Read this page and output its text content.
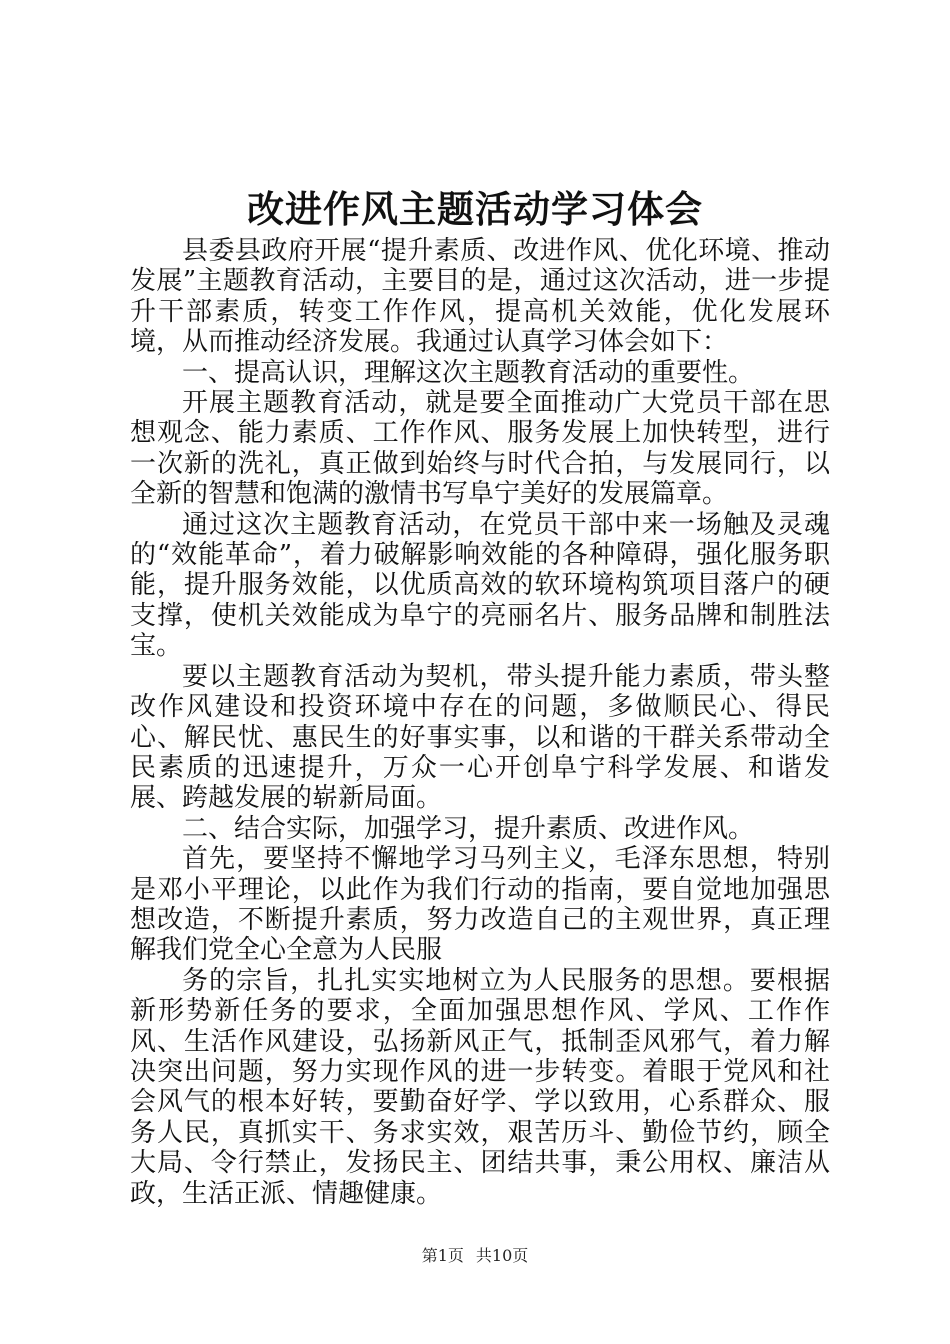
改进作风主题活动学习体会

县委县政府开展“提升素质、改进作风、优化环境、推动发展”主题教育活动，主要目的是，通过这次活动，进一步提升干部素质，转变工作作风，提高机关效能，优化发展环境，从而推动经济发展。我通过认真学习体会如下：

一、提高认识，理解这次主题教育活动的重要性。

开展主题教育活动，就是要全面推动广大党员干部在思想观念、能力素质、工作作风、服务发展上加快转型，进行一次新的洗礼，真正做到始终与时代合拍，与发展同行，以全新的智慧和饱满的激情书写阜宁美好的发展篇章。

通过这次主题教育活动，在党员干部中来一场触及灵魂的“效能革命”，着力破解影响效能的各种障碍，强化服务职能，提升服务效能，以优质高效的软环境构筑项目落户的硬支撑，使机关效能成为阜宁的亮丽名片、服务品牌和制胜法宝。

要以主题教育活动为契机，带头提升能力素质，带头整改作风建设和投资环境中存在的问题，多做顺民心、得民心、解民忧、惠民生的好事实事，以和谐的干群关系带动全民素质的迅速提升，万众一心开创阜宁科学发展、和谐发展、跨越发展的崭新局面。

二、结合实际，加强学习，提升素质、改进作风。

首先，要坚持不懈地学习马列主义，毛泽东思想，特别是邓小平理论，以此作为我们行动的指南，要自觉地加强思想改造，不断提升素质，努力改造自己的主观世界，真正理解我们党全心全意为人民服

务的宗旨，扎扎实实地树立为人民服务的思想。要根据新形势新任务的要求，全面加强思想作风、学风、工作作风、生活作风建设，弘扬新风正气，抵制歪风邪气，着力解决突出问题，努力实现作风的进一步转变。着眼于党风和社会风气的根本好转，要勤奋好学、学以致用，心系群众、服务人民，真抓实干、务求实效，艰苦历斗、勤俭节约，顾全大局、令行禁止，发扬民主、团结共事，秉公用权、廉洁从政，生活正派、情趣健康。

第1页 共10页
